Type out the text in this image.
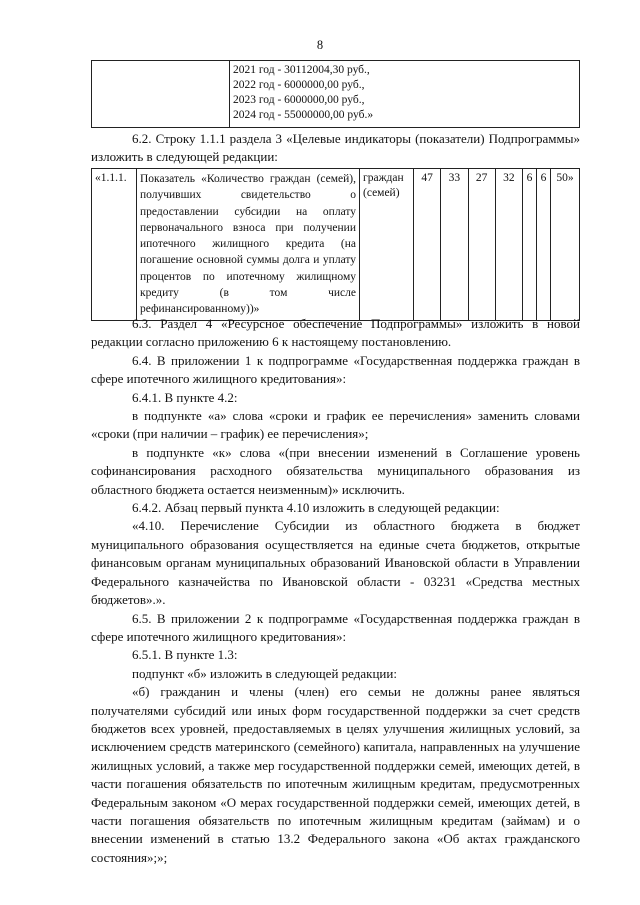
8

2021 год - 30112004,30 руб.,
2022 год - 6000000,00 руб.,
2023 год - 6000000,00 руб.,
2024 год - 55000000,00 руб.»

6.2. Строку 1.1.1 раздела 3 «Целевые индикаторы (показатели) Подпрограммы» изложить в следующей редакции:

«1.1.1.	Показатель «Количество граждан (семей), получивших свидетельство о предоставлении субсидии на оплату первоначального взноса при получении ипотечного жилищного кредита (на погашение основной суммы долга и уплату процентов по ипотечному жилищному кредиту (в том числе рефинансированному))»	граждан (семей)	47	33	27	32	6	6	50»

6.3. Раздел 4 «Ресурсное обеспечение Подпрограммы» изложить в новой редакции согласно приложению 6 к настоящему постановлению.

6.4. В приложении 1 к подпрограмме «Государственная поддержка граждан в сфере ипотечного жилищного кредитования»:

6.4.1. В пункте 4.2:

в подпункте «а» слова «сроки и график ее перечисления» заменить словами «сроки (при наличии – график) ее перечисления»;

в подпункте «к» слова «(при внесении изменений в Соглашение уровень софинансирования расходного обязательства муниципального образования из областного бюджета остается неизменным)» исключить.

6.4.2. Абзац первый пункта 4.10 изложить в следующей редакции:

«4.10. Перечисление Субсидии из областного бюджета в бюджет муниципального образования осуществляется на единые счета бюджетов, открытые финансовым органам муниципальных образований Ивановской области в Управлении Федерального казначейства по Ивановской области - 03231 «Средства местных бюджетов».».

6.5. В приложении 2 к подпрограмме «Государственная поддержка граждан в сфере ипотечного жилищного кредитования»:

6.5.1. В пункте 1.3:

подпункт «б» изложить в следующей редакции:

«б) гражданин и члены (член) его семьи не должны ранее являться получателями субсидий или иных форм государственной поддержки за счет средств бюджетов всех уровней, предоставляемых в целях улучшения жилищных условий, за исключением средств материнского (семейного) капитала, направленных на улучшение жилищных условий, а также мер государственной поддержки семей, имеющих детей, в части погашения обязательств по ипотечным жилищным кредитам, предусмотренных Федеральным законом «О мерах государственной поддержки семей, имеющих детей, в части погашения обязательств по ипотечным жилищным кредитам (займам) и о внесении изменений в статью 13.2 Федерального закона «Об актах гражданского состояния»;»;
